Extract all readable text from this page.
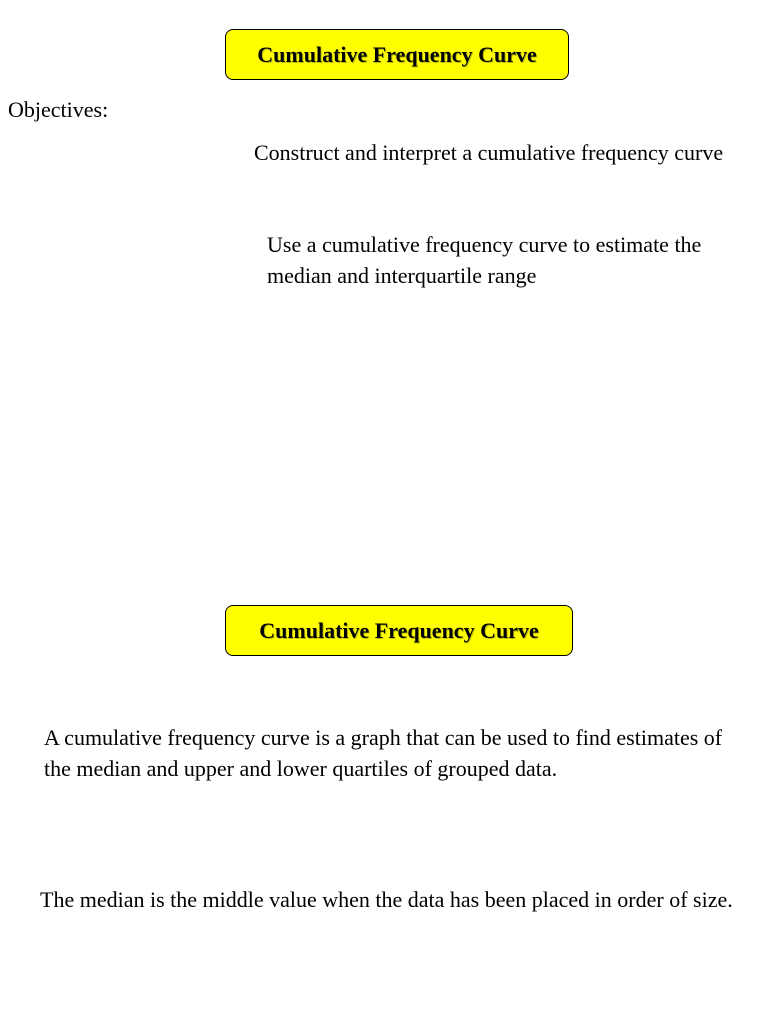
Cumulative Frequency Curve

Objectives:

Construct and interpret a cumulative frequency curve

Use a cumulative frequency curve to estimate the median and interquartile range

Cumulative Frequency Curve

A cumulative frequency curve is a graph that can be used to find estimates of the median and upper and lower quartiles of grouped data.

The median is the middle value when the data has been placed in order of size.
